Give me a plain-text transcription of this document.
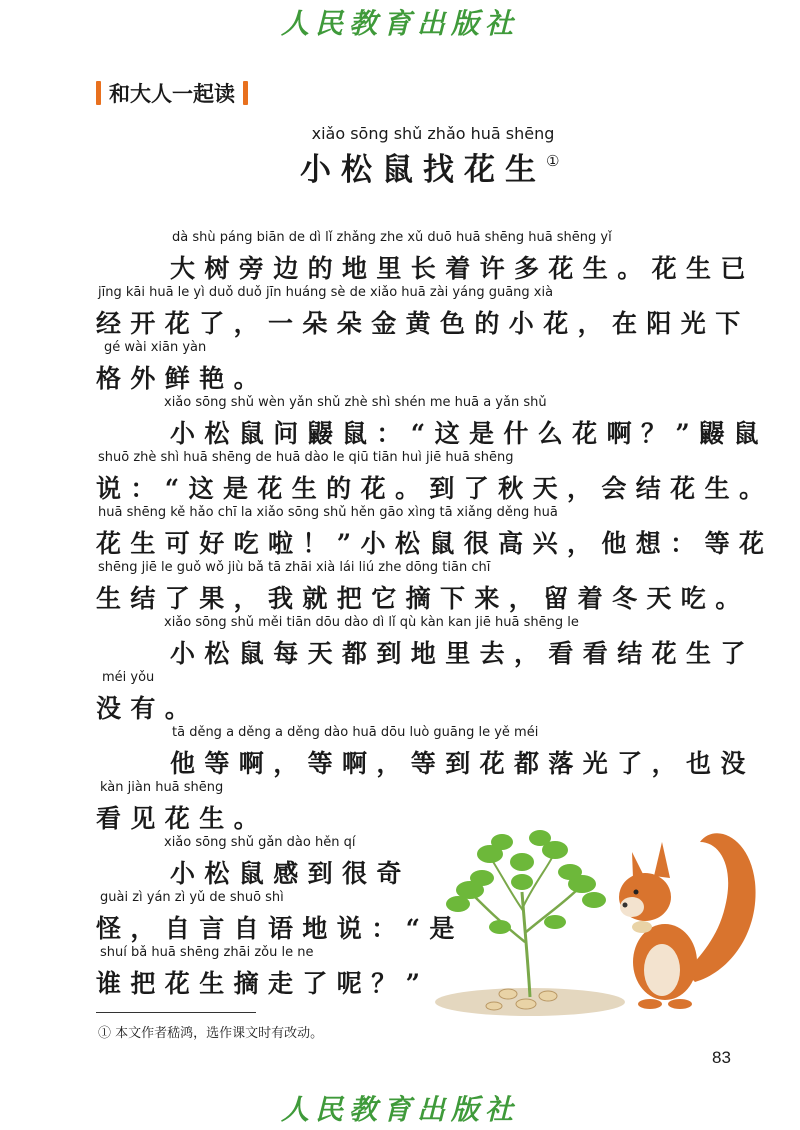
人民教育出版社
和大人一起读
xiǎo sōng shǔ zhǎo huā shēng
小松鼠找花生①
dà shù páng biān de dì lǐ zhǎng zhe xǔ duō huā shēng huā shēng yǐ
大树旁边的地里长着许多花生。花生已
jīng kāi huā le yì duǒ duǒ jīn huáng sè de xiǎo huā zài yáng guāng xià
经开花了，一朵朵金黄色的小花，在阳光下
gé wài xiān yàn
格外鲜艳。
xiǎo sōng shǔ wèn yǎn shǔ zhè shì shén me huā a yǎn shǔ
小松鼠问鼹鼠：“这是什么花啊？”鼹鼠
shuō zhè shì huā shēng de huā dào le qiū tiān huì jiē huā shēng
说：“这是花生的花。到了秋天，会结花生。
huā shēng kě hǎo chī la xiǎo sōng shǔ hěn gāo xìng tā xiǎng děng huā
花生可好吃啦！”小松鼠很高兴，他想：等花
shēng jiē le guǒ wǒ jiù bǎ tā zhāi xià lái liú zhe dōng tiān chī
生结了果，我就把它摘下来，留着冬天吃。
xiǎo sōng shǔ měi tiān dōu dào dì lǐ qù kàn kan jiē huā shēng le
小松鼠每天都到地里去，看看结花生了
méi yǒu
没有。
tā děng a děng a děng dào huā dōu luò guāng le yě méi
他等啊，等啊，等到花都落光了，也没
kàn jiàn huā shēng
看见花生。
xiǎo sōng shǔ gǎn dào hěn qí
小松鼠感到很奇
guài zì yán zì yǔ de shuō shì
怪，自言自语地说：“是
shuí bǎ huā shēng zhāi zǒu le ne
谁把花生摘走了呢？”
① 本文作者嵇鸿，选作课文时有改动。
83
人民教育出版社
